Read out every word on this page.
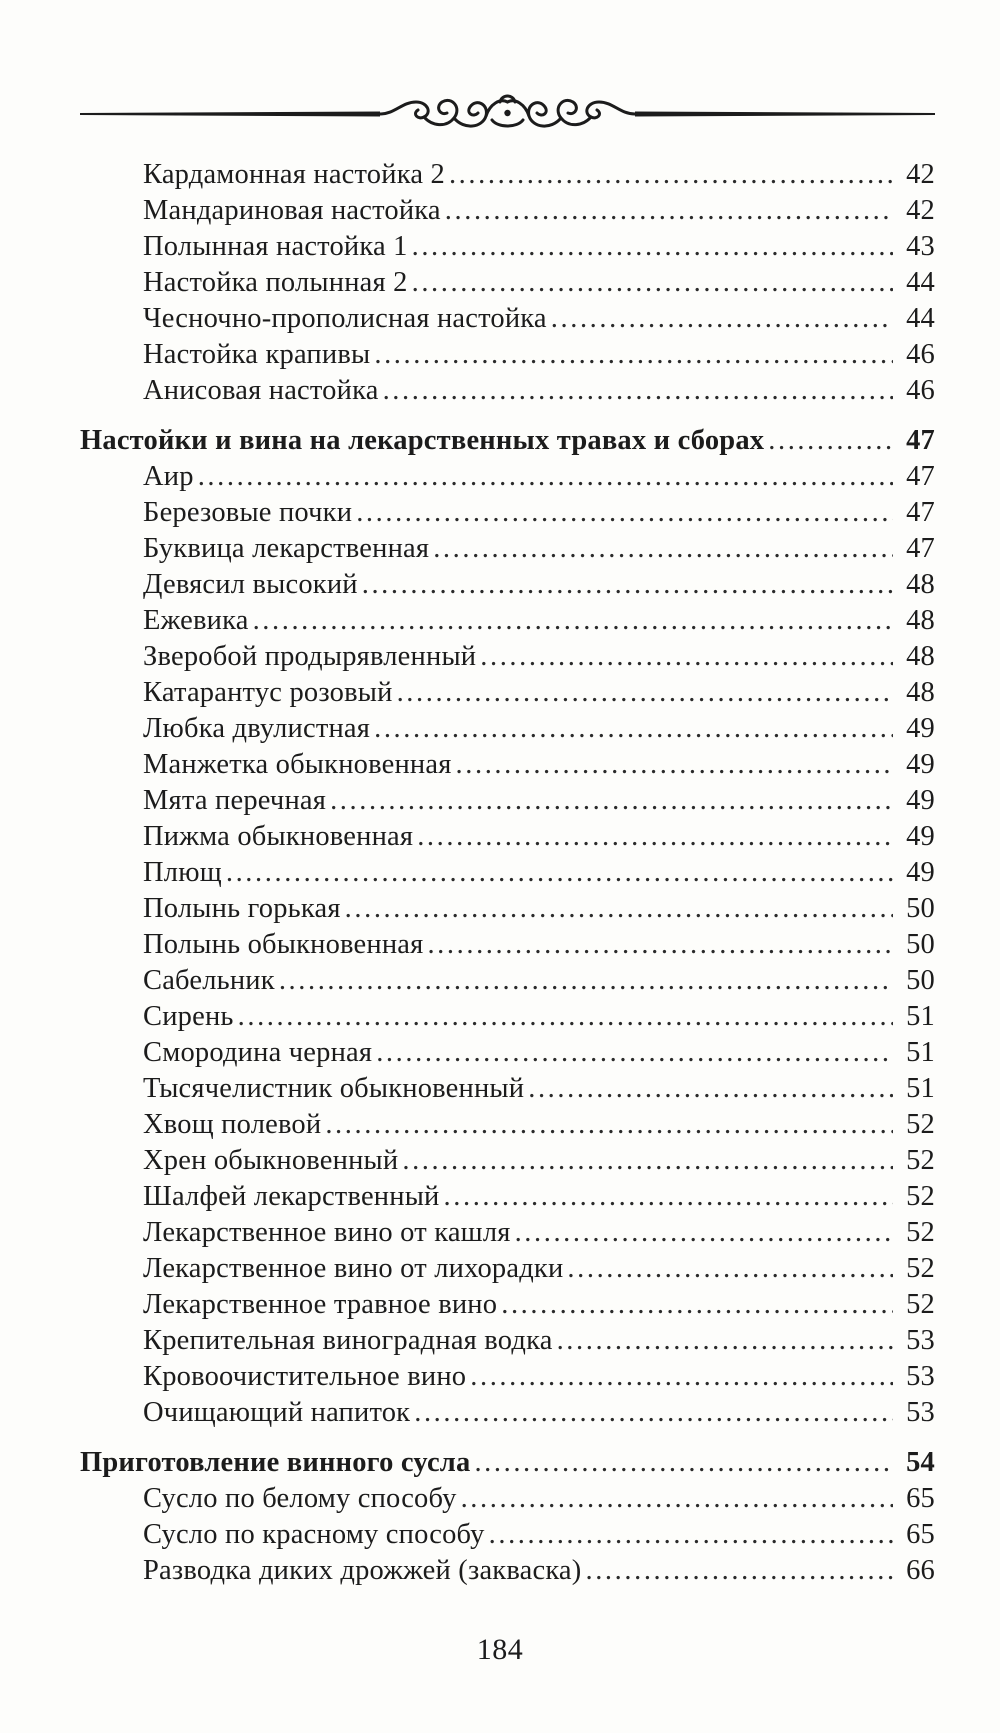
Кардамонная настойка 2 .....	42
Мандариновая настойка .....	42
Полынная настойка 1 .....	43
Настойка полынная 2 .....	44
Чесночно-прополисная настойка .....	44
Настойка крапивы .....	46
Анисовая настойка .....	46
Настойки и вина на лекарственных травах и сборах .....	47
Аир .....	47
Березовые почки .....	47
Буквица лекарственная .....	47
Девясил высокий .....	48
Ежевика .....	48
Зверобой продырявленный .....	48
Катарантус розовый .....	48
Любка двулистная .....	49
Манжетка обыкновенная .....	49
Мята перечная .....	49
Пижма обыкновенная .....	49
Плющ .....	49
Полынь горькая .....	50
Полынь обыкновенная .....	50
Сабельник .....	50
Сирень .....	51
Смородина черная .....	51
Тысячелистник обыкновенный .....	51
Хвощ полевой .....	52
Хрен обыкновенный .....	52
Шалфей лекарственный .....	52
Лекарственное вино от кашля .....	52
Лекарственное вино от лихорадки .....	52
Лекарственное травное вино .....	52
Крепительная виноградная водка .....	53
Кровоочистительное вино .....	53
Очищающий напиток .....	53
Приготовление винного сусла .....	54
Сусло по белому способу .....	65
Сусло по красному способу .....	65
Разводка диких дрожжей (закваска) .....	66
184
